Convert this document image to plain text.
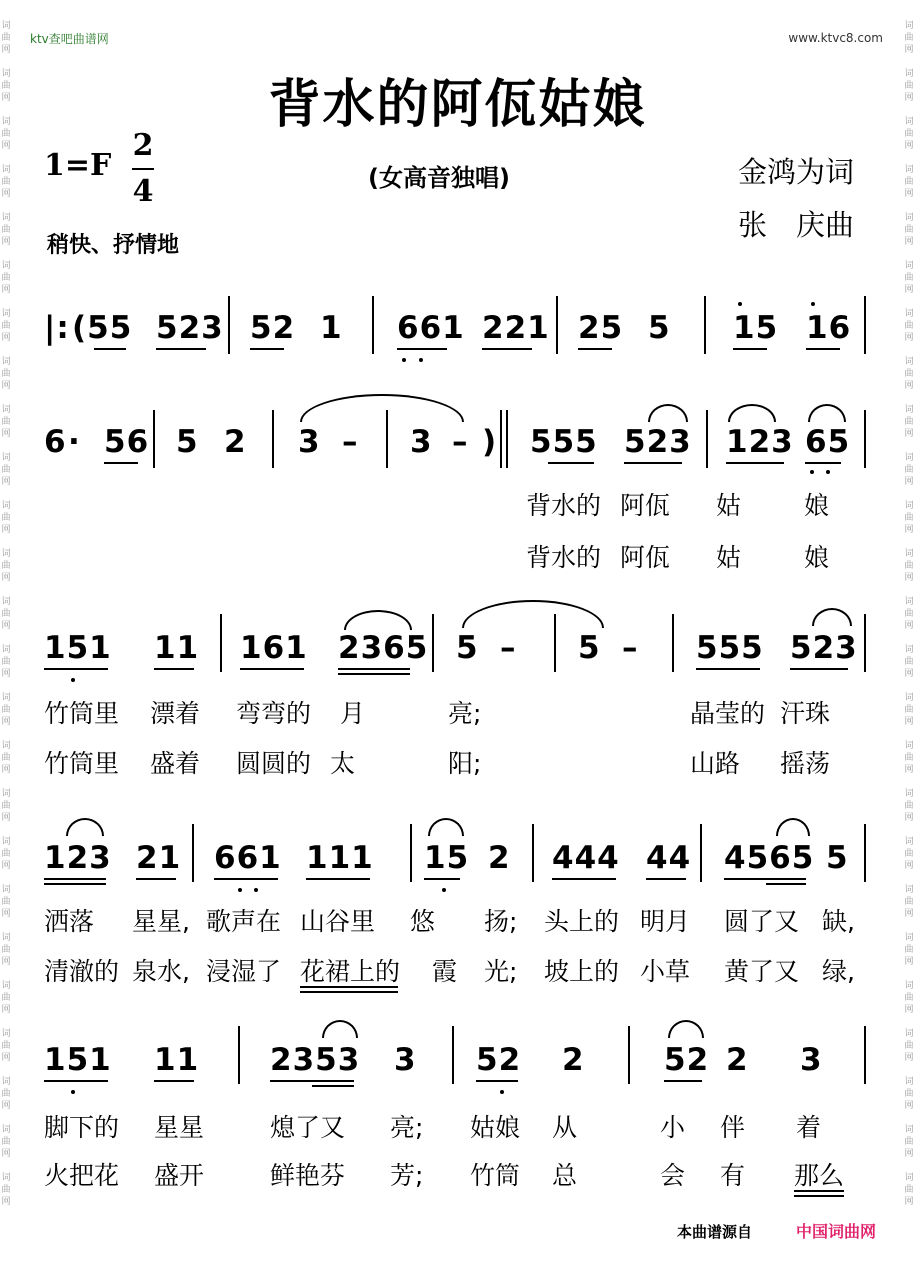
词
曲
网

词
曲
网

词
曲
网

词
曲
网

词
曲
网

词
曲
网

词
曲
网

词
曲
网

词
曲
网

词
曲
网

词
曲
网

词
曲
网

词
曲
网

词
曲
网

词
曲
网

词
曲
网

词
曲
网

词
曲
网

词
曲
网

词
曲
网

词
曲
网

词
曲
网

词
曲
网

词
曲
网

词
曲
网
词
曲
网

词
曲
网

词
曲
网

词
曲
网

词
曲
网

词
曲
网

词
曲
网

词
曲
网

词
曲
网

词
曲
网

词
曲
网

词
曲
网

词
曲
网

词
曲
网

词
曲
网

词
曲
网

词
曲
网

词
曲
网

词
曲
网

词
曲
网

词
曲
网

词
曲
网

词
曲
网

词
曲
网

词
曲
网
ktv查吧曲谱网	www.ktvc8.com
背水的阿佤姑娘
1=F
2
4	(女高音独唱)	金鸿为词
张　庆曲
稍快、抒情地
|: (55 523 52 1 661 221 25 5 15 16
6 · 56 5 2 3 – 3 – ) 555 523 123 65
背水的 阿佤 姑	娘
背水的 阿佤 姑	娘
151 11 161 2365 5 – 5 – 555 523
竹筒里 漂着 弯弯的 月	亮;	晶莹的 汗珠
竹筒里 盛着 圆圆的 太	阳;	山路 摇荡
123 21 661 111 15 2 444 44 4565 5
洒落 星星, 歌声在 山谷里 悠 扬; 头上的 明月 圆了又 缺,
清澈的 泉水, 浸湿了 花裙上的 霞 光; 坡上的 小草 黄了又 绿,
151 11 2353 3 52 2	52 2 3
脚下的 星星	熄了又 亮; 姑娘 从	小 伴 着
火把花 盛开	鲜艳芬 芳; 竹筒 总	会 有 那么
本曲谱源自	中国词曲网
